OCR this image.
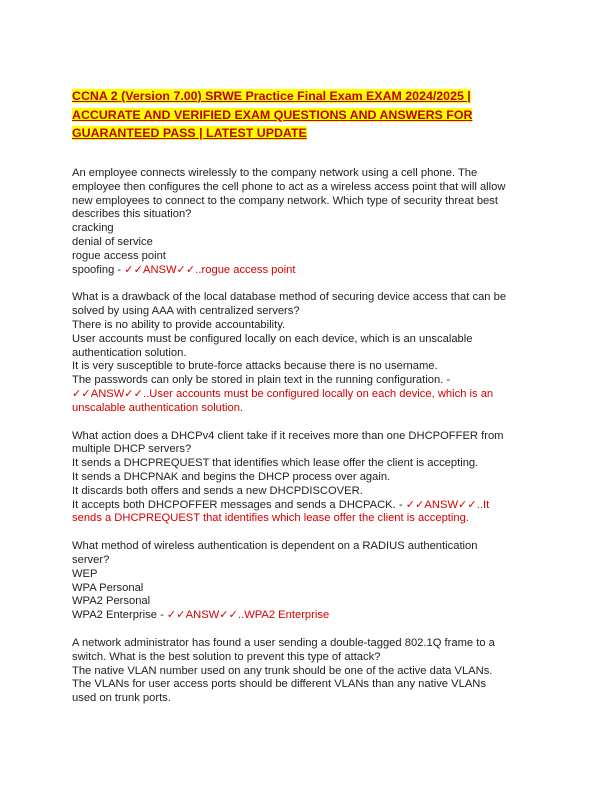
CCNA 2 (Version 7.00) SRWE Practice Final Exam EXAM 2024/2025 |
ACCURATE AND VERIFIED EXAM QUESTIONS AND ANSWERS FOR
GUARANTEED PASS | LATEST UPDATE
An employee connects wirelessly to the company network using a cell phone. The
employee then configures the cell phone to act as a wireless access point that will allow
new employees to connect to the company network. Which type of security threat best
describes this situation?
cracking
denial of service
rogue access point
spoofing - ✓✓ANSW✓✓..rogue access point
What is a drawback of the local database method of securing device access that can be
solved by using AAA with centralized servers?
There is no ability to provide accountability.
User accounts must be configured locally on each device, which is an unscalable
authentication solution.
It is very susceptible to brute-force attacks because there is no username.
The passwords can only be stored in plain text in the running configuration. -
✓✓ANSW✓✓..User accounts must be configured locally on each device, which is an
unscalable authentication solution.
What action does a DHCPv4 client take if it receives more than one DHCPOFFER from
multiple DHCP servers?
It sends a DHCPREQUEST that identifies which lease offer the client is accepting.
It sends a DHCPNAK and begins the DHCP process over again.
It discards both offers and sends a new DHCPDISCOVER.
It accepts both DHCPOFFER messages and sends a DHCPACK. - ✓✓ANSW✓✓..It
sends a DHCPREQUEST that identifies which lease offer the client is accepting.
What method of wireless authentication is dependent on a RADIUS authentication
server?
WEP
WPA Personal
WPA2 Personal
WPA2 Enterprise - ✓✓ANSW✓✓..WPA2 Enterprise
A network administrator has found a user sending a double-tagged 802.1Q frame to a
switch. What is the best solution to prevent this type of attack?
The native VLAN number used on any trunk should be one of the active data VLANs.
The VLANs for user access ports should be different VLANs than any native VLANs
used on trunk ports.
